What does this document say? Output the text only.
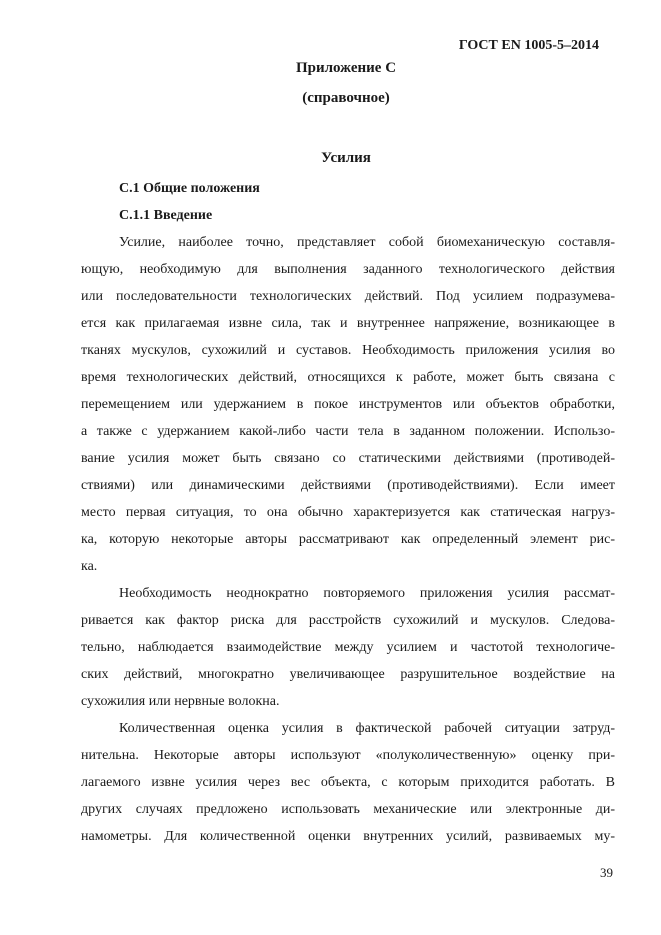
ГОСТ EN 1005-5–2014
Приложение С
(справочное)
Усилия
С.1 Общие положения
С.1.1 Введение
Усилие, наиболее точно, представляет собой биомеханическую составля-
ющую, необходимую для выполнения заданного технологического действия
или последовательности технологических действий. Под усилием подразумева-
ется как прилагаемая извне сила, так и внутреннее напряжение, возникающее в
тканях мускулов, сухожилий и суставов. Необходимость приложения усилия во
время технологических действий, относящихся к работе, может быть связана с
перемещением или удержанием в покое инструментов или объектов обработки,
а также с удержанием какой-либо части тела в заданном положении. Использо-
вание усилия может быть связано со статическими действиями (противодей-
ствиями) или динамическими действиями (противодействиями). Если имеет
место первая ситуация, то она обычно характеризуется как статическая нагруз-
ка, которую некоторые авторы рассматривают как определенный элемент рис-
ка.
Необходимость неоднократно повторяемого приложения усилия рассмат-
ривается как фактор риска для расстройств сухожилий и мускулов. Следова-
тельно, наблюдается взаимодействие между усилием и частотой технологиче-
ских действий, многократно увеличивающее разрушительное воздействие на
сухожилия или нервные волокна.
Количественная оценка усилия в фактической рабочей ситуации затруд-
нительна. Некоторые авторы используют «полуколичественную» оценку при-
лагаемого извне усилия через вес объекта, с которым приходится работать. В
других случаях предложено использовать механические или электронные ди-
намометры. Для количественной оценки внутренних усилий, развиваемых му-
39
